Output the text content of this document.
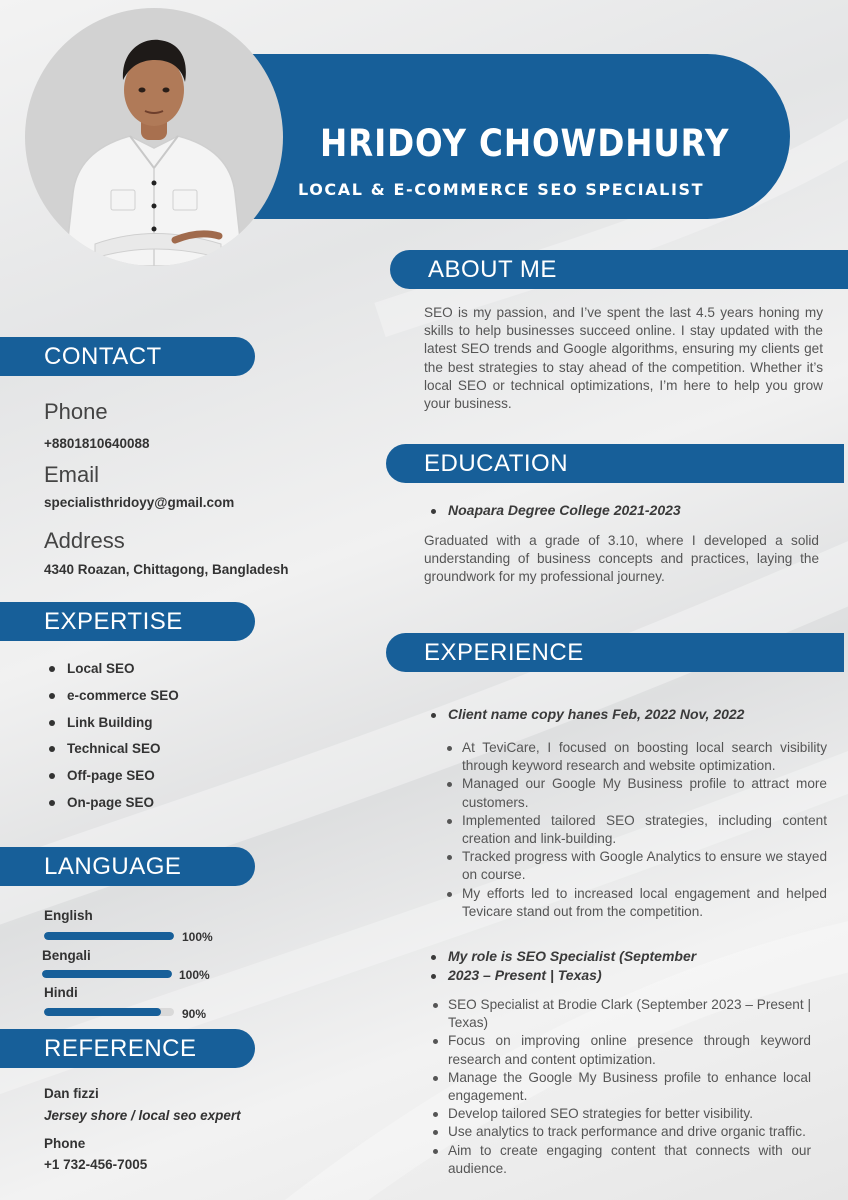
HRIDOY CHOWDHURY
LOCAL & E-COMMERCE SEO SPECIALIST
CONTACT
Phone
+8801810640088
Email
specialisthridoyy@gmail.com
Address
4340 Roazan, Chittagong, Bangladesh
EXPERTISE
Local SEO
e-commerce SEO
Link Building
Technical SEO
Off-page SEO
On-page SEO
LANGUAGE
English
100%
Bengali
100%
Hindi
90%
REFERENCE
Dan fizzi
Jersey shore / local seo expert
Phone
+1 732-456-7005
ABOUT ME
SEO is my passion, and I’ve spent the last 4.5 years honing my skills to help businesses succeed online. I stay updated with the latest SEO trends and Google algorithms, ensuring my clients get the best strategies to stay ahead of the competition. Whether it’s local SEO or technical optimizations, I’m here to help you grow your business.
EDUCATION
Noapara Degree College 2021-2023
Graduated with a grade of 3.10, where I developed a solid understanding of business concepts and practices, laying the groundwork for my professional journey.
EXPERIENCE
Client name copy hanes Feb, 2022 Nov, 2022
At TeviCare, I focused on boosting local search visibility through keyword research and website optimization.
Managed our Google My Business profile to attract more customers.
Implemented tailored SEO strategies, including content creation and link-building.
Tracked progress with Google Analytics to ensure we stayed on course.
My efforts led to increased local engagement and helped Tevicare stand out from the competition.
My role is SEO Specialist (September
2023 – Present | Texas)
SEO Specialist at Brodie Clark (September 2023 – Present | Texas)
Focus on improving online presence through keyword research and content optimization.
Manage the Google My Business profile to enhance local engagement.
Develop tailored SEO strategies for better visibility.
Use analytics to track performance and drive organic traffic.
Aim to create engaging content that connects with our audience.
